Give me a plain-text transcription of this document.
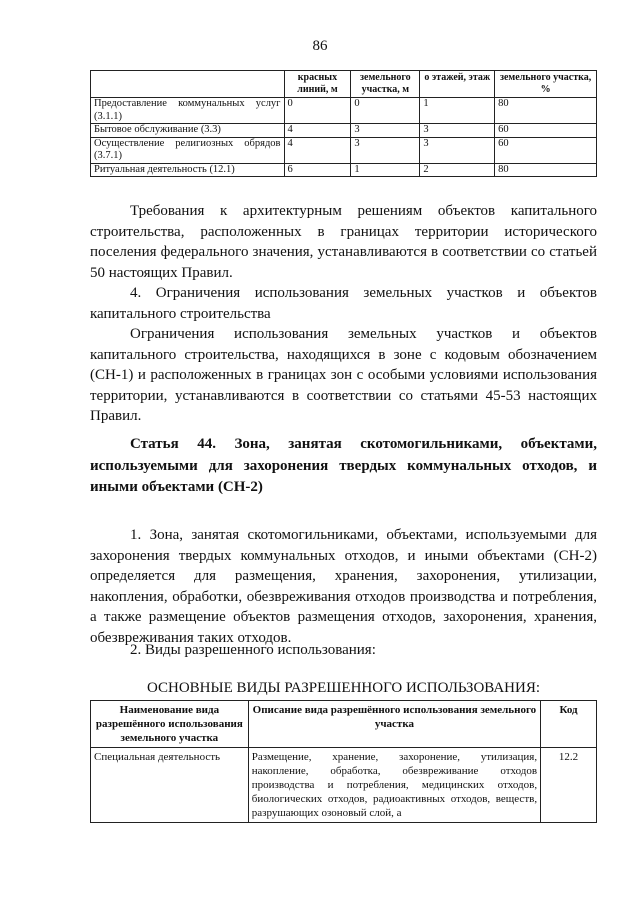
86
	красных линий, м	земельного участка, м	о этажей, этаж	земельного участка, %
Предоставление коммунальных услуг (3.1.1)	0	0	1	80
Бытовое обслуживание (3.3)	4	3	3	60
Осуществление религиозных обрядов (3.7.1)	4	3	3	60
Ритуальная деятельность (12.1)	6	1	2	80
Требования к архитектурным решениям объектов капитального строительства, расположенных в границах территории исторического поселения федерального значения, устанавливаются в соответствии со статьей 50 настоящих Правил.
4. Ограничения использования земельных участков и объектов капитального строительства
Ограничения использования земельных участков и объектов капитального строительства, находящихся в зоне с кодовым обозначением (СН-1) и расположенных в границах зон с особыми условиями использования территории, устанавливаются в соответствии со статьями 45-53 настоящих Правил.
Статья 44. Зона, занятая скотомогильниками, объектами, используемыми для захоронения твердых коммунальных отходов, и иными объектами (СН-2)
1. Зона, занятая скотомогильниками, объектами, используемыми для захоронения твердых коммунальных отходов, и иными объектами (СН-2) определяется для размещения, хранения, захоронения, утилизации, накопления, обработки, обезвреживания отходов производства и потребления, а также размещение объектов размещения отходов, захоронения, хранения, обезвреживания таких отходов.
2. Виды разрешенного использования:
ОСНОВНЫЕ ВИДЫ РАЗРЕШЕННОГО ИСПОЛЬЗОВАНИЯ:
Наименование вида разрешённого использования земельного участка	Описание вида разрешённого использования земельного участка	Код
Специальная деятельность	Размещение, хранение, захоронение, утилизация, накопление, обработка, обезвреживание отходов производства и потребления, медицинских отходов, биологических отходов, радиоактивных отходов, веществ, разрушающих озоновый слой, а	12.2
